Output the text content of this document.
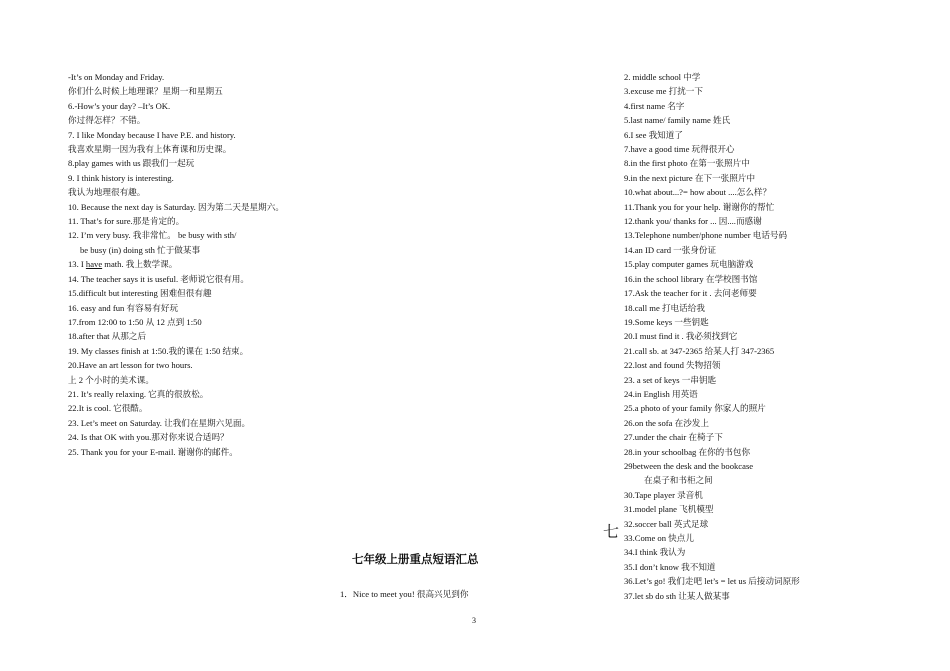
-It’s on Monday and Friday.
你们什么时候上地理课？星期一和星期五
6.-How’s your day? –It’s OK.
你过得怎样？不错。
7. I like Monday because I have P.E. and history.
我喜欢星期一因为我有上体育课和历史课。
8.play games with us 跟我们一起玩
9. I think history is interesting.
我认为地理很有趣。
10. Because the next day is Saturday. 因为第二天是星期六。
11. That’s for sure.那是肯定的。
12. I’m very busy. 我非常忙。 be busy with sth/
be busy (in) doing sth 忙于做某事
13. I have math. 我上数学课。
14. The teacher says it is useful. 老师说它很有用。
15.difficult but interesting 困难但很有趣
16. easy and fun 有容易有好玩
17.from 12:00 to 1:50 从 12 点到 1:50
18.after that 从那之后
19. My classes finish at 1:50.我的课在 1:50 结束。
20.Have an art lesson for two hours.
上 2 个小时的美术课。
21. It’s really relaxing. 它真的很放松。
22.It is cool. 它很酷。
23. Let’s meet on Saturday. 让我们在星期六见面。
24. Is that OK with you.那对你来说合适吗？
25. Thank you for your E-mail. 谢谢你的邮件。
2. middle school 中学
3.excuse me 打扰一下
4.first name 名字
5.last name/ family name 姓氏
6.I see 我知道了
7.have a good time 玩得很开心
8.in the first photo 在第一张照片中
9.in the next picture 在下一张照片中
10.what about...?= how about ....怎么样？
11.Thank you for your help. 谢谢你的帮忙
12.thank you/ thanks for ... 因....而感谢
13.Telephone number/phone number 电话号码
14.an ID card 一张身份证
15.play computer games 玩电脑游戏
16.in the school library 在学校图书馆
17.Ask the teacher for it . 去问老师要
18.call me 打电话给我
19.Some keys 一些钥匙
20.I must find it . 我必须找到它
21.call sb. at 347-2365 给某人打 347-2365
22.lost and found 失物招领
23. a set of keys 一串钥匙
24.in English 用英语
25.a photo of your family 你家人的照片
26.on the sofa 在沙发上
27.under the chair 在椅子下
28.in your schoolbag 在你的书包你
29between the desk and the bookcase
在桌子和书柜之间
30.Tape player 录音机
31.model plane 飞机模型
32.soccer ball 英式足球
33.Come on 快点儿
34.I think 我认为
35.I don’t know 我不知道
36.Let’s go! 我们走吧 let’s = let us 后接动词原形
37.let sb do sth 让某人做某事
七
七年级上册重点短语汇总
1．Nice to meet you! 很高兴见到你
3
